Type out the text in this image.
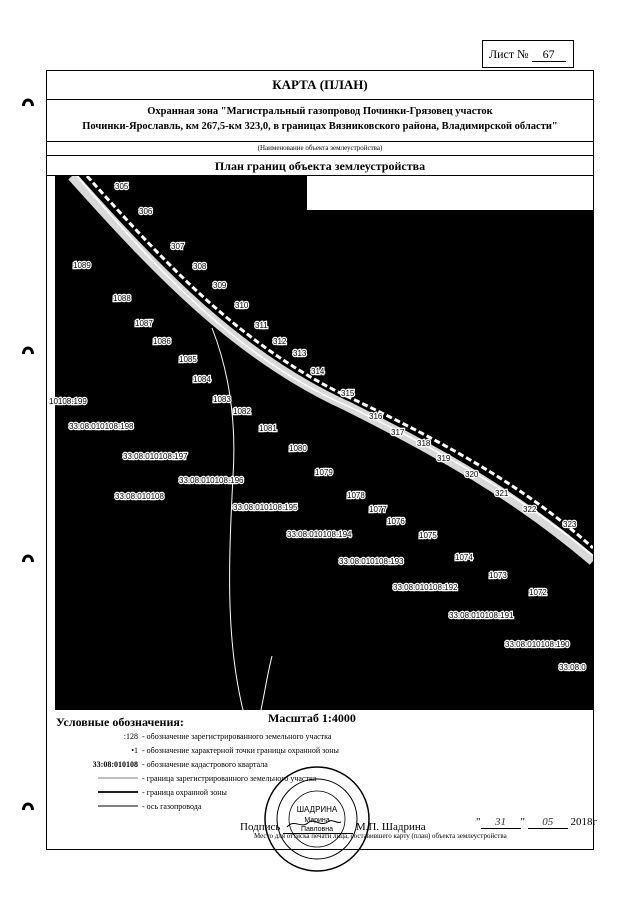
Лист № 67
КАРТА (ПЛАН)
Охранная зона "Магистральный газопровод Починки-Грязовец участок
Починки-Ярославль, км 267,5-км 323,0, в границах Вязниковского района, Владимирской области"
(Наименование объекта землеустройства)
План границ объекта землеустройства
305
306
307
308
309
310
311
312
313
314
315
316
317
318
319
320
321
322
323
1089
1088
1087
1086
1085
1084
1083
1082
1081
1080
1079
1078
1077
1076
1075
1074
1073
1072
10108:199
33:08:010108:198
33:08:010108:197
33:08:010108:196
33:08:010108
33:08:010108:195
33:08:010108:194
33:08:010108:193
33:08:010108:192
33:08:010108:191
33:08:010108:190
33:08:0
Условные обозначения:	Масштаб 1:4000
:128 - обозначение зарегистрированного земельного участка
•1 - обозначение характерной точки границы охранной зоны
33:08:010108 - обозначение кадастрового квартала
- граница зарегистрированного земельного участка
- граница охранной зоны
- ось газопровода	ШАДРИНА
Марина
Павловна
Подпись	М.П. Шадрина
Место для оттиска печати лица, составившего карту (план) объекта землеустройства
" 31 " 05 2018г
